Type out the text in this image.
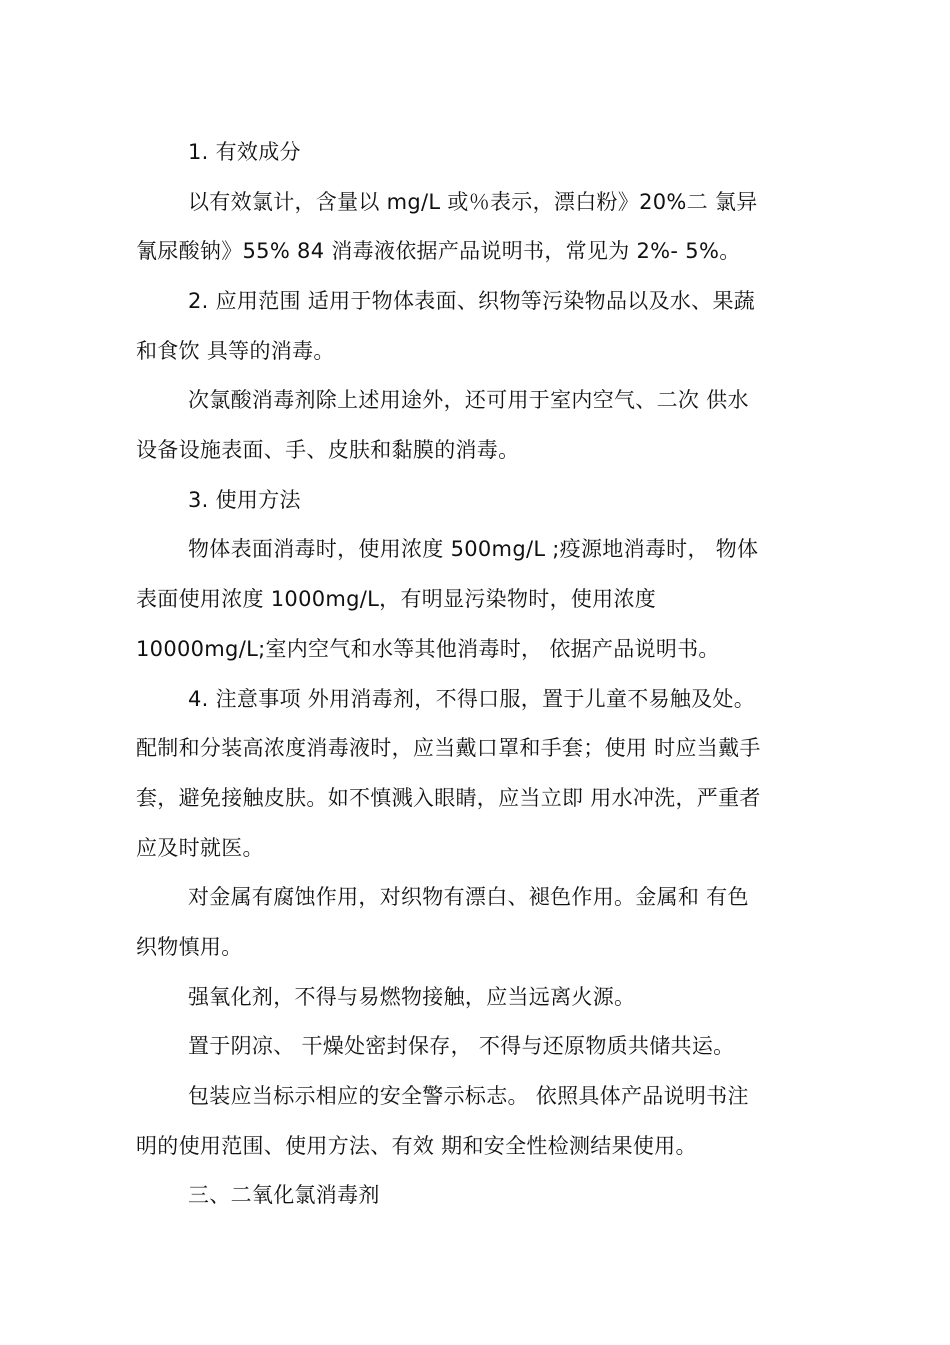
1. 有效成分
以有效氯计，含量以 mg/L 或％表示，漂白粉》20%二 氯异
氰尿酸钠》55% 84 消毒液依据产品说明书，常见为 2%- 5%。
2. 应用范围 适用于物体表面、织物等污染物品以及水、果蔬
和食饮 具等的消毒。
次氯酸消毒剂除上述用途外，还可用于室内空气、二次 供水
设备设施表面、手、皮肤和黏膜的消毒。
3. 使用方法
物体表面消毒时，使用浓度 500mg/L ;疫源地消毒时， 物体
表面使用浓度 1000mg/L，有明显污染物时，使用浓度
10000mg/L;室内空气和水等其他消毒时， 依据产品说明书。
4. 注意事项 外用消毒剂，不得口服，置于儿童不易触及处。
配制和分装高浓度消毒液时，应当戴口罩和手套；使用 时应当戴手
套，避免接触皮肤。如不慎溅入眼睛，应当立即 用水冲洗，严重者
应及时就医。
对金属有腐蚀作用，对织物有漂白、褪色作用。金属和 有色
织物慎用。
强氧化剂，不得与易燃物接触，应当远离火源。
置于阴凉、 干燥处密封保存， 不得与还原物质共储共运。
包装应当标示相应的安全警示标志。 依照具体产品说明书注
明的使用范围、使用方法、有效 期和安全性检测结果使用。
三、二氧化氯消毒剂
